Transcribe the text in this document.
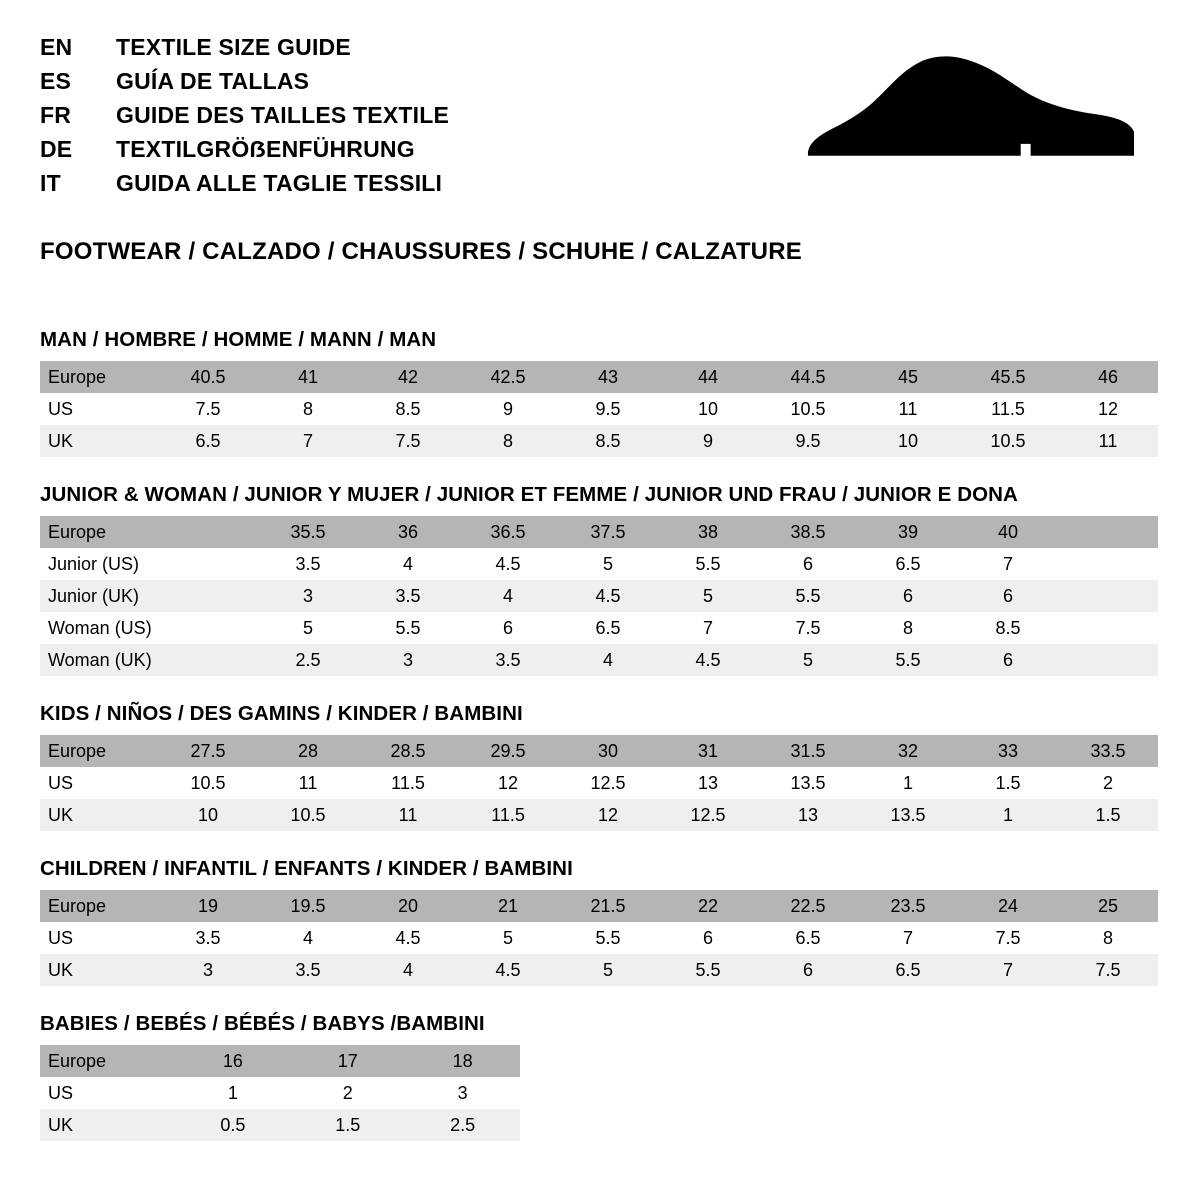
EN	TEXTILE SIZE GUIDE
ES	GUÍA DE TALLAS
FR	GUIDE DES TAILLES TEXTILE
DE	TEXTILGRÖẞENFÜHRUNG
IT	GUIDA ALLE TAGLIE TESSILI
FOOTWEAR / CALZADO / CHAUSSURES / SCHUHE / CALZATURE
MAN / HOMBRE / HOMME / MANN / MAN
Europe	40.5	41	42	42.5	43	44	44.5	45	45.5	46
US	7.5	8	8.5	9	9.5	10	10.5	11	11.5	12
UK	6.5	7	7.5	8	8.5	9	9.5	10	10.5	11
JUNIOR & WOMAN / JUNIOR Y MUJER / JUNIOR ET FEMME / JUNIOR UND FRAU / JUNIOR E DONA
Europe		35.5	36	36.5	37.5	38	38.5	39	40	
Junior (US)		3.5	4	4.5	5	5.5	6	6.5	7	
Junior (UK)		3	3.5	4	4.5	5	5.5	6	6	
Woman (US)		5	5.5	6	6.5	7	7.5	8	8.5	
Woman (UK)		2.5	3	3.5	4	4.5	5	5.5	6	
KIDS / NIÑOS / DES GAMINS / KINDER / BAMBINI
Europe	27.5	28	28.5	29.5	30	31	31.5	32	33	33.5
US	10.5	11	11.5	12	12.5	13	13.5	1	1.5	2
UK	10	10.5	11	11.5	12	12.5	13	13.5	1	1.5
CHILDREN / INFANTIL / ENFANTS / KINDER / BAMBINI
Europe	19	19.5	20	21	21.5	22	22.5	23.5	24	25
US	3.5	4	4.5	5	5.5	6	6.5	7	7.5	8
UK	3	3.5	4	4.5	5	5.5	6	6.5	7	7.5
BABIES / BEBÉS / BÉBÉS / BABYS /BAMBINI
Europe	16	17	18
US	1	2	3
UK	0.5	1.5	2.5
